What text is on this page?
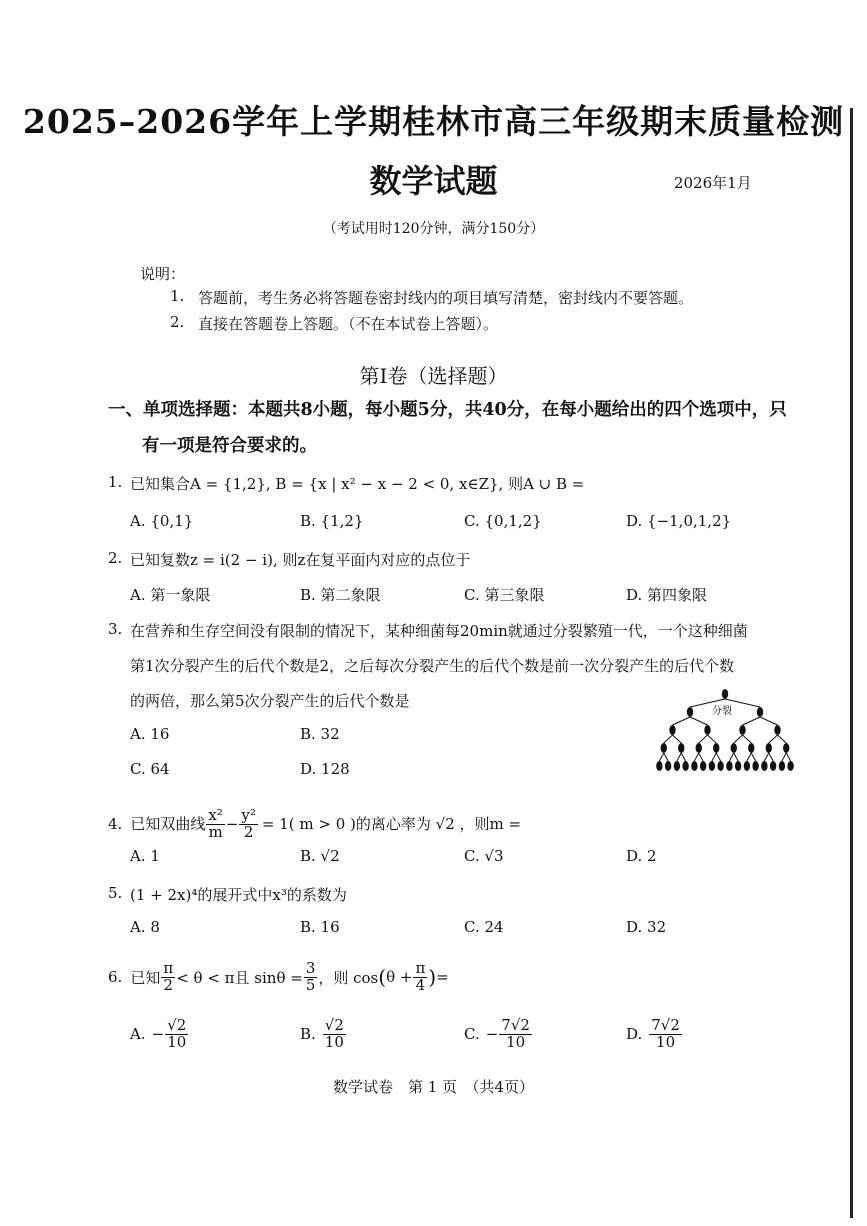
2025–2026学年上学期桂林市高三年级期末质量检测
数学试题	2026年1月
（考试用时120分钟，满分150分）
说明：
1. 答题前，考生务必将答题卷密封线内的项目填写清楚，密封线内不要答题。
2. 直接在答题卷上答题。（不在本试卷上答题）。
第Ⅰ卷（选择题）
一、单项选择题：本题共8小题，每小题5分，共40分，在每小题给出的四个选项中，只
有一项是符合要求的。
1. 已知集合A = {1,2}, B = {x | x² − x − 2 < 0, x∈Z}, 则A ∪ B =
A. {0,1}	B. {1,2}	C. {0,1,2}	D. {−1,0,1,2}
2. 已知复数z = i(2 − i), 则z在复平面内对应的点位于
A. 第一象限	B. 第二象限	C. 第三象限	D. 第四象限
3. 在营养和生存空间没有限制的情况下，某种细菌每20min就通过分裂繁殖一代，一个这种细菌
第1次分裂产生的后代个数是2，之后每次分裂产生的后代个数是前一次分裂产生的后代个数
的两倍，那么第5次分裂产生的后代个数是
A. 16	B. 32
C. 64	D. 128
分裂
4. 已知双曲线 $\frac{\text{x²}}{m} - \frac{\text{y²}}{2} = 1$( m > 0 )的离心率为 √2 ，则m =
A. 1	B. √2	C. √3	D. 2
5. (1 + 2x)⁴的展开式中x³的系数为
A. 8	B. 16	C. 24	D. 32
6. 已知 $\frac{\pi}{2} < \theta < \pi$且 $\sin\theta = \frac{3}{5}$ ，则 cos ( $\theta + \frac{\pi}{4}$ ) =
A. − $\frac{√2}{10}$	B. $\frac{√2}{10}$	C. − $\frac{7√2}{10}$	D. $\frac{7√2}{10}$
数学试卷　第 1 页　（共4页）
